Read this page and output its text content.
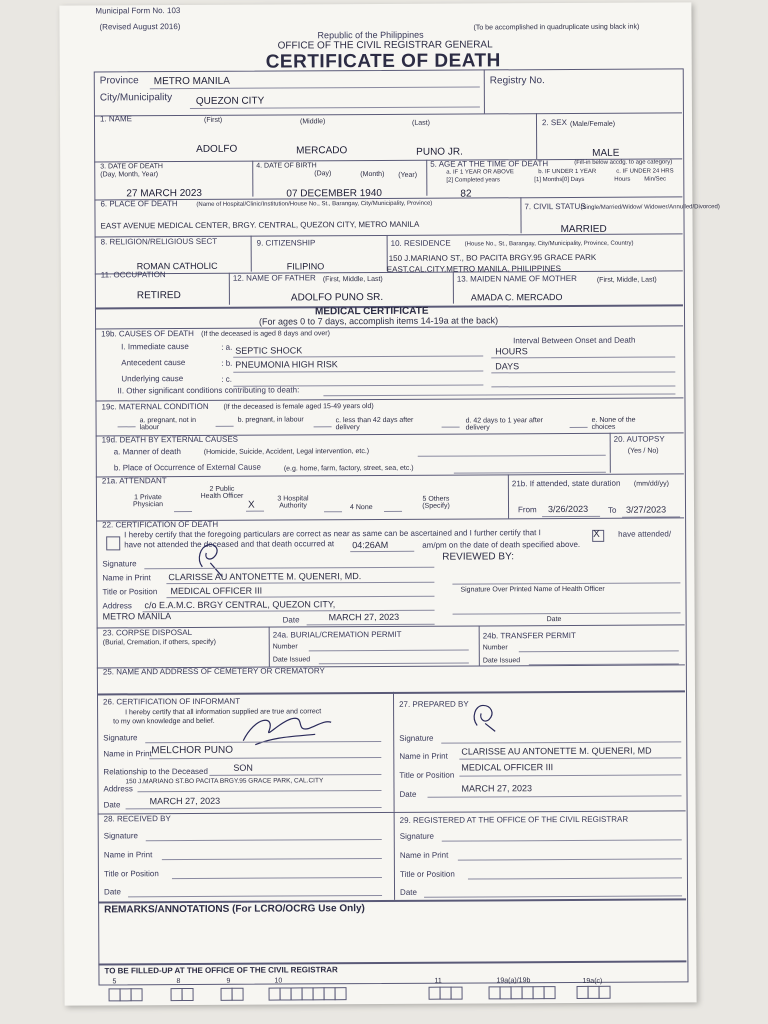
Municipal Form No. 103
(Revised August 2016)	(To be accomplished in quadruplicate using black ink)
Republic of the Philippines
OFFICE OF THE CIVIL REGISTRAR GENERAL
CERTIFICATE OF DEATH
Province METRO MANILA
City/Municipality QUEZON CITY
Registry No.
1. NAME	(First)	(Middle)	(Last)
ADOLFO	MERCADO	PUNO JR.
2. SEX (Male/Female)
MALE
3. DATE OF DEATH
(Day, Month, Year)
27 MARCH 2023
4. DATE OF BIRTH
(Day)	(Month) (Year)
07 DECEMBER 1940
5. AGE AT THE TIME OF DEATH	(Fill-in below accdg. to age category)
a. IF 1 YEAR OR ABOVE
[2] Completed years
b. IF UNDER 1 YEAR
[1] Months [0] Days
c. IF UNDER 24 HRS
Hours Min/Sec
82
6. PLACE OF DEATH	(Name of Hospital/Clinic/Institution/House No., St., Barangay, City/Municipality, Province)
EAST AVENUE MEDICAL CENTER, BRGY. CENTRAL, QUEZON CITY, METRO MANILA
7. CIVIL STATUS
(Single/Married/Widow/ Widower/Annulled/Divorced)
MARRIED
8. RELIGION/RELIGIOUS SECT
ROMAN CATHOLIC
9. CITIZENSHIP
FILIPINO
10. RESIDENCE (House No., St., Barangay, City/Municipality, Province, Country)
150 J.MARIANO ST., BO PACITA BRGY.95 GRACE PARK
EAST,CAL.CITY,METRO MANILA, PHILIPPINES
11. OCCUPATION
RETIRED
12. NAME OF FATHER (First, Middle, Last)
ADOLFO PUNO SR.
13. MAIDEN NAME OF MOTHER	(First, Middle, Last)
AMADA C. MERCADO
MEDICAL CERTIFICATE
(For ages 0 to 7 days, accomplish items 14-19a at the back)
19b. CAUSES OF DEATH (If the deceased is aged 8 days and over)
Interval Between Onset and Death
I. Immediate cause	: a. SEPTIC SHOCK	HOURS
Antecedent cause	: b. PNEUMONIA HIGH RISK	DAYS
Underlying cause	: c.
II. Other significant conditions contributing to death:
19c. MATERNAL CONDITION (If the deceased is female aged 15-49 years old)
a. pregnant, not in labour
b. pregnant, in labour	c. less than 42 days after delivery
d. 42 days to 1 year after delivery
e. None of the choices
19d. DEATH BY EXTERNAL CAUSES
a. Manner of death	(Homicide, Suicide, Accident, Legal intervention, etc.)
b. Place of Occurrence of External Cause	(e.g. home, farm, factory, street, sea, etc.)
20. AUTOPSY
(Yes / No)
21a. ATTENDANT
1 Private Physician
2 Public Health Officer
X
3 Hospital Authority	4 None
5 Others (Specify)
21b. If attended, state duration (mm/dd/yy)
From 3/26/2023 To 3/27/2023
22. CERTIFICATION OF DEATH
I hereby certify that the foregoing particulars are correct as near as same can be ascertained and I further certify that I	X have attended/
have not attended the deceased and that death occurred at 04:26AM	am/pm on the date of death specified above.
Signature
Name in Print CLARISSE AU ANTONETTE M. QUENERI, MD.
Title or Position MEDICAL OFFICER III
Address c/o E.A.M.C. BRGY CENTRAL, QUEZON CITY,
METRO MANILA	Date	MARCH 27, 2023
REVIEWED BY:
Signature Over Printed Name of Health Officer
Date
23. CORPSE DISPOSAL
(Burial, Cremation, if others, specify)
24a. BURIAL/CREMATION PERMIT
Number
Date Issued
24b. TRANSFER PERMIT
Number
Date Issued
25. NAME AND ADDRESS OF CEMETERY OR CREMATORY
26. CERTIFICATION OF INFORMANT
I hereby certify that all information supplied are true and correct
to my own knowledge and belief.
Signature
Name in Print MELCHOR PUNO
Relationship to the Deceased	SON
Address
150 J.MARIANO ST.BO PACITA BRGY.95 GRACE PARK, CAL.CITY
Date	MARCH 27, 2023
27. PREPARED BY
Signature
Name in Print CLARISSE AU ANTONETTE M. QUENERI, MD
Title or Position
MEDICAL OFFICER III
Date
MARCH 27, 2023
28. RECEIVED BY
Signature
Name in Print
Title or Position
Date
29. REGISTERED AT THE OFFICE OF THE CIVIL REGISTRAR
Signature
Name in Print
Title or Position
Date
REMARKS/ANNOTATIONS (For LCRO/OCRG Use Only)
TO BE FILLED-UP AT THE OFFICE OF THE CIVIL REGISTRAR
5	8	9	10	11	19a(a)/19b	19a(c)
